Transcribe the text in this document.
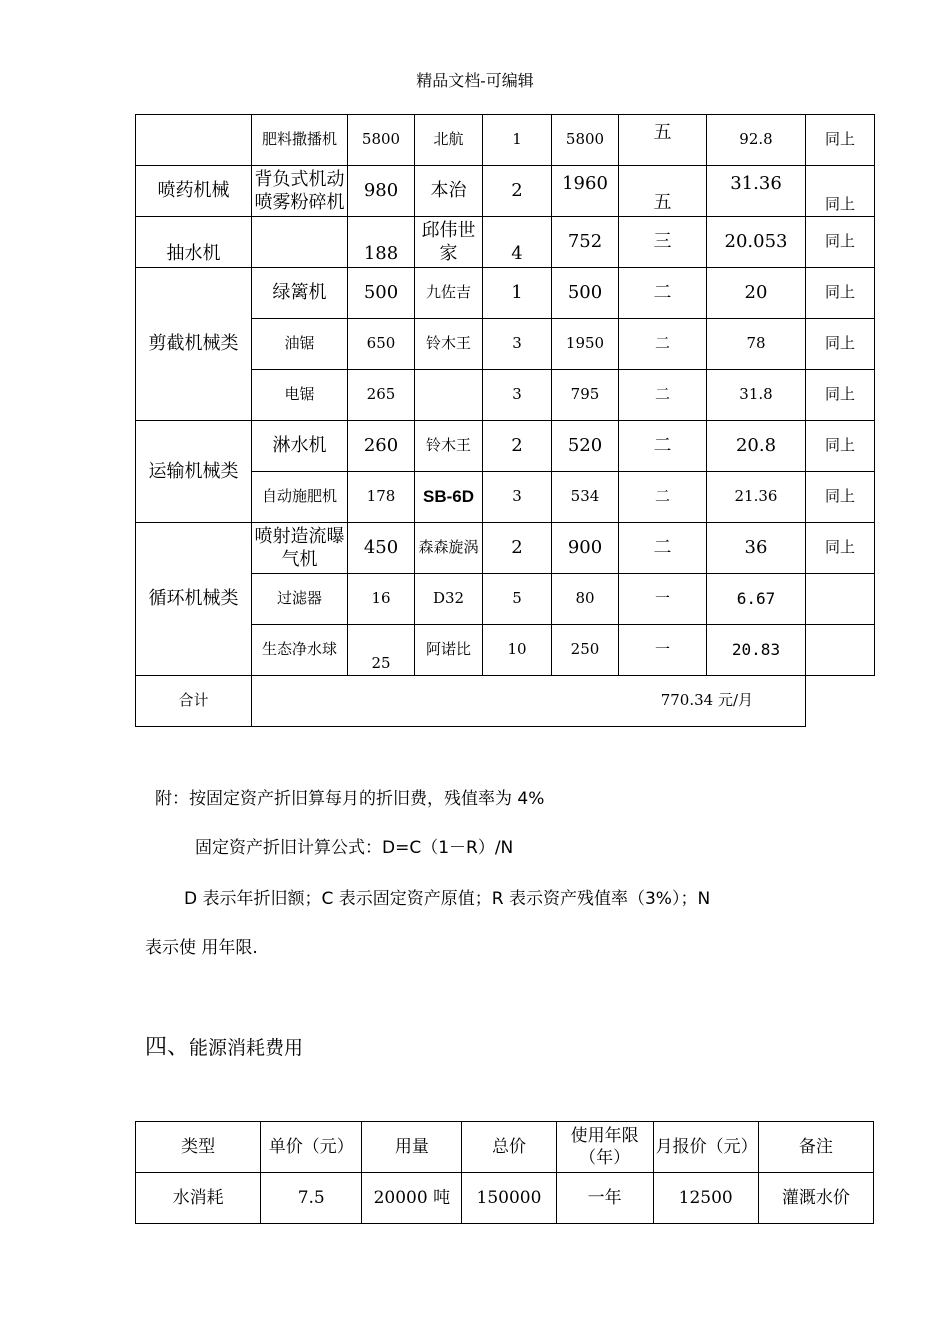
精品文档-可编辑
	肥料撒播机	5800	北航	1	5800	五	92.8	同上
喷药机械	背负式机动喷雾粉碎机	980	本治	2	1960	五	31.36	同上
抽水机		188	邱伟世家	4	752	三	20.053	同上
剪截机械类	绿篱机	500	九佐吉	1	500	二	20	同上
	油锯	650	铃木王	3	1950	二	78	同上
	电锯	265		3	795	二	31.8	同上
运输机械类	淋水机	260	铃木王	2	520	二	20.8	同上
	自动施肥机	178	SB-6D	3	534	二	21.36	同上
循环机械类	喷射造流曝气机	450	森森旋涡	2	900	二	36	同上
	过滤器	16	D32	5	80	一	6.67	
	生态净水球	25	阿诺比	10	250	一	20.83	
合计	770.34 元/月							
附：按固定资产折旧算每月的折旧费，残值率为 4%
固定资产折旧计算公式：D=C（1－R）/N
D 表示年折旧额；C 表示固定资产原值；R 表示资产残值率（3%）；N
表示使 用年限.
四、能源消耗费用
类型	单价（元）	用量	总价	使用年限（年）	月报价（元）	备注
水消耗	7.5	20000 吨	150000	一年	12500	灌溉水价
